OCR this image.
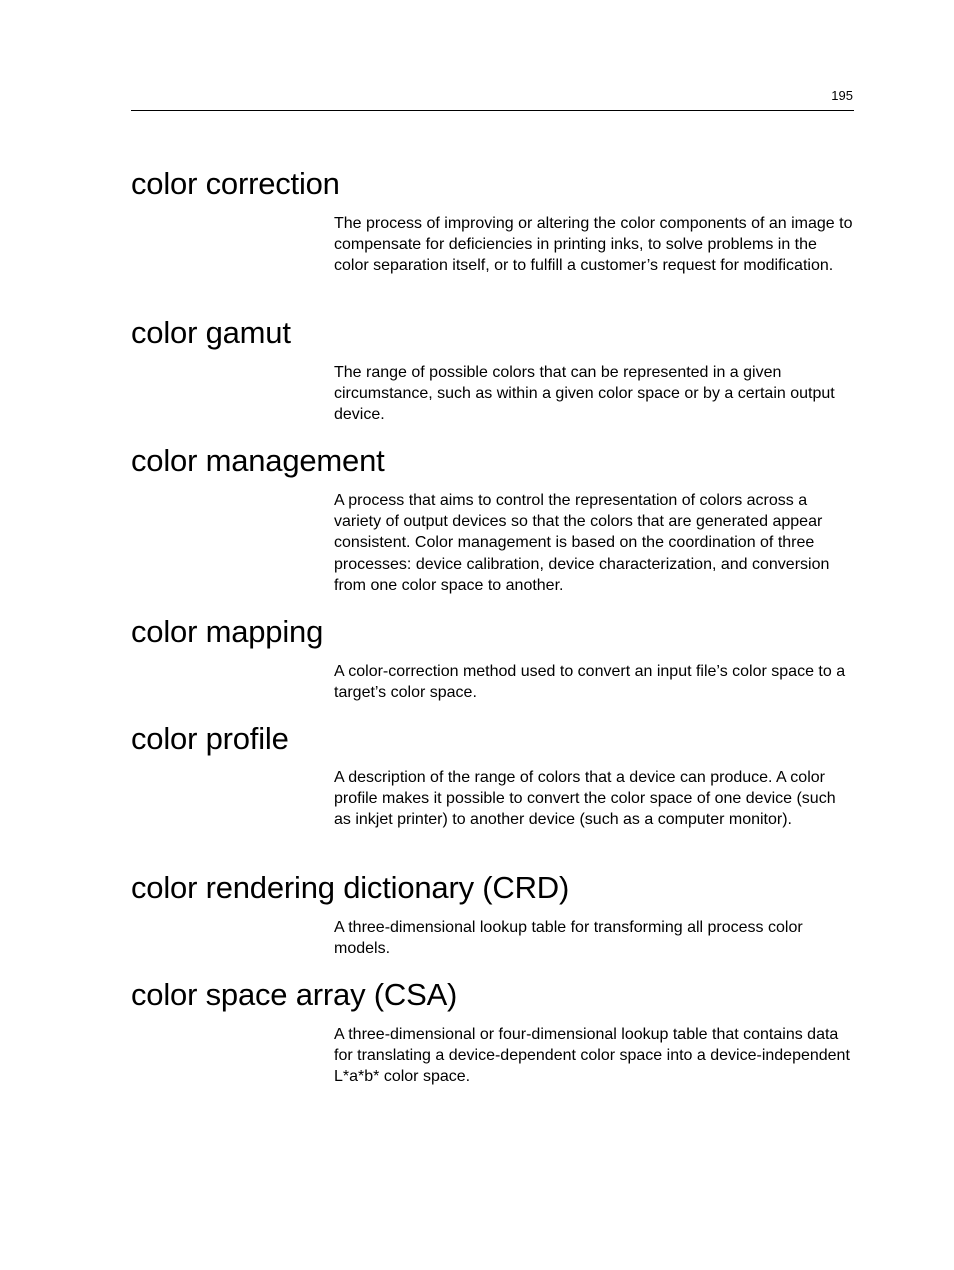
195
color correction

The process of improving or altering the color components of an image to compensate for deficiencies in printing inks, to solve problems in the color separation itself, or to fulfill a customer’s request for modification.

color gamut

The range of possible colors that can be represented in a given circumstance, such as within a given color space or by a certain output device.

color management

A process that aims to control the representation of colors across a variety of output devices so that the colors that are generated appear consistent. Color management is based on the coordination of three processes: device calibration, device characterization, and conversion from one color space to another.

color mapping

A color-correction method used to convert an input file’s color space to a target’s color space.

color profile

A description of the range of colors that a device can produce. A color profile makes it possible to convert the color space of one device (such as inkjet printer) to another device (such as a computer monitor).

color rendering dictionary (CRD)

A three-dimensional lookup table for transforming all process color models.

color space array (CSA)

A three-dimensional or four-dimensional lookup table that contains data for translating a device-dependent color space into a device-independent L*a*b* color space.
